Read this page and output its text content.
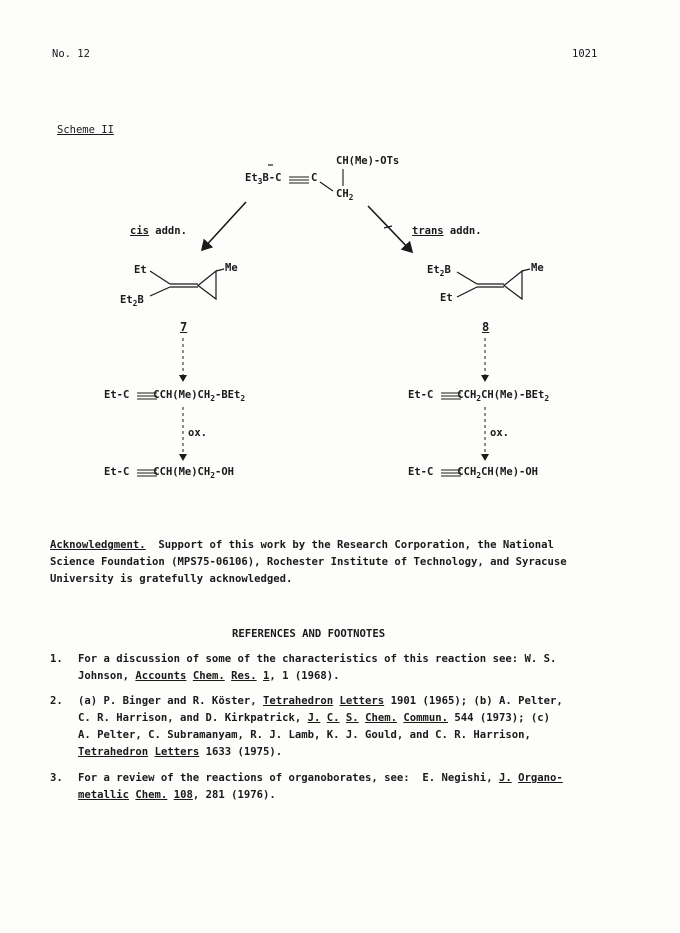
No. 12	1021
Scheme II
$Et_3B-C$	C
CH(Me)-OTs
$CH_2$
cis addn.	trans addn.
Et	Me
$Et_2B$
$Et_2B$	Me
Et
7	8
Et-C $CCH(Me)CH_2-BEt_2$	Et-C $CCH_2CH(Me)-BEt_2$
ox.	ox.
Et-C $CCH(Me)CH_2-OH$	Et-C $CCH_2CH(Me)-OH$
Acknowledgment.  Support of this work by the Research Corporation, the National
Science Foundation (MPS75-06106), Rochester Institute of Technology, and Syracuse
University is gratefully acknowledged.
REFERENCES AND FOOTNOTES
1. For a discussion of some of the characteristics of this reaction see: W. S.
Johnson, Accounts Chem. Res. 1, 1 (1968).
2. (a) P. Binger and R. Köster, Tetrahedron Letters 1901 (1965); (b) A. Pelter,
C. R. Harrison, and D. Kirkpatrick, J. C. S. Chem. Commun. 544 (1973); (c)
A. Pelter, C. Subramanyam, R. J. Lamb, K. J. Gould, and C. R. Harrison,
Tetrahedron Letters 1633 (1975).
3. For a review of the reactions of organoborates, see:  E. Negishi, J. Organo-
metallic Chem. 108, 281 (1976).
